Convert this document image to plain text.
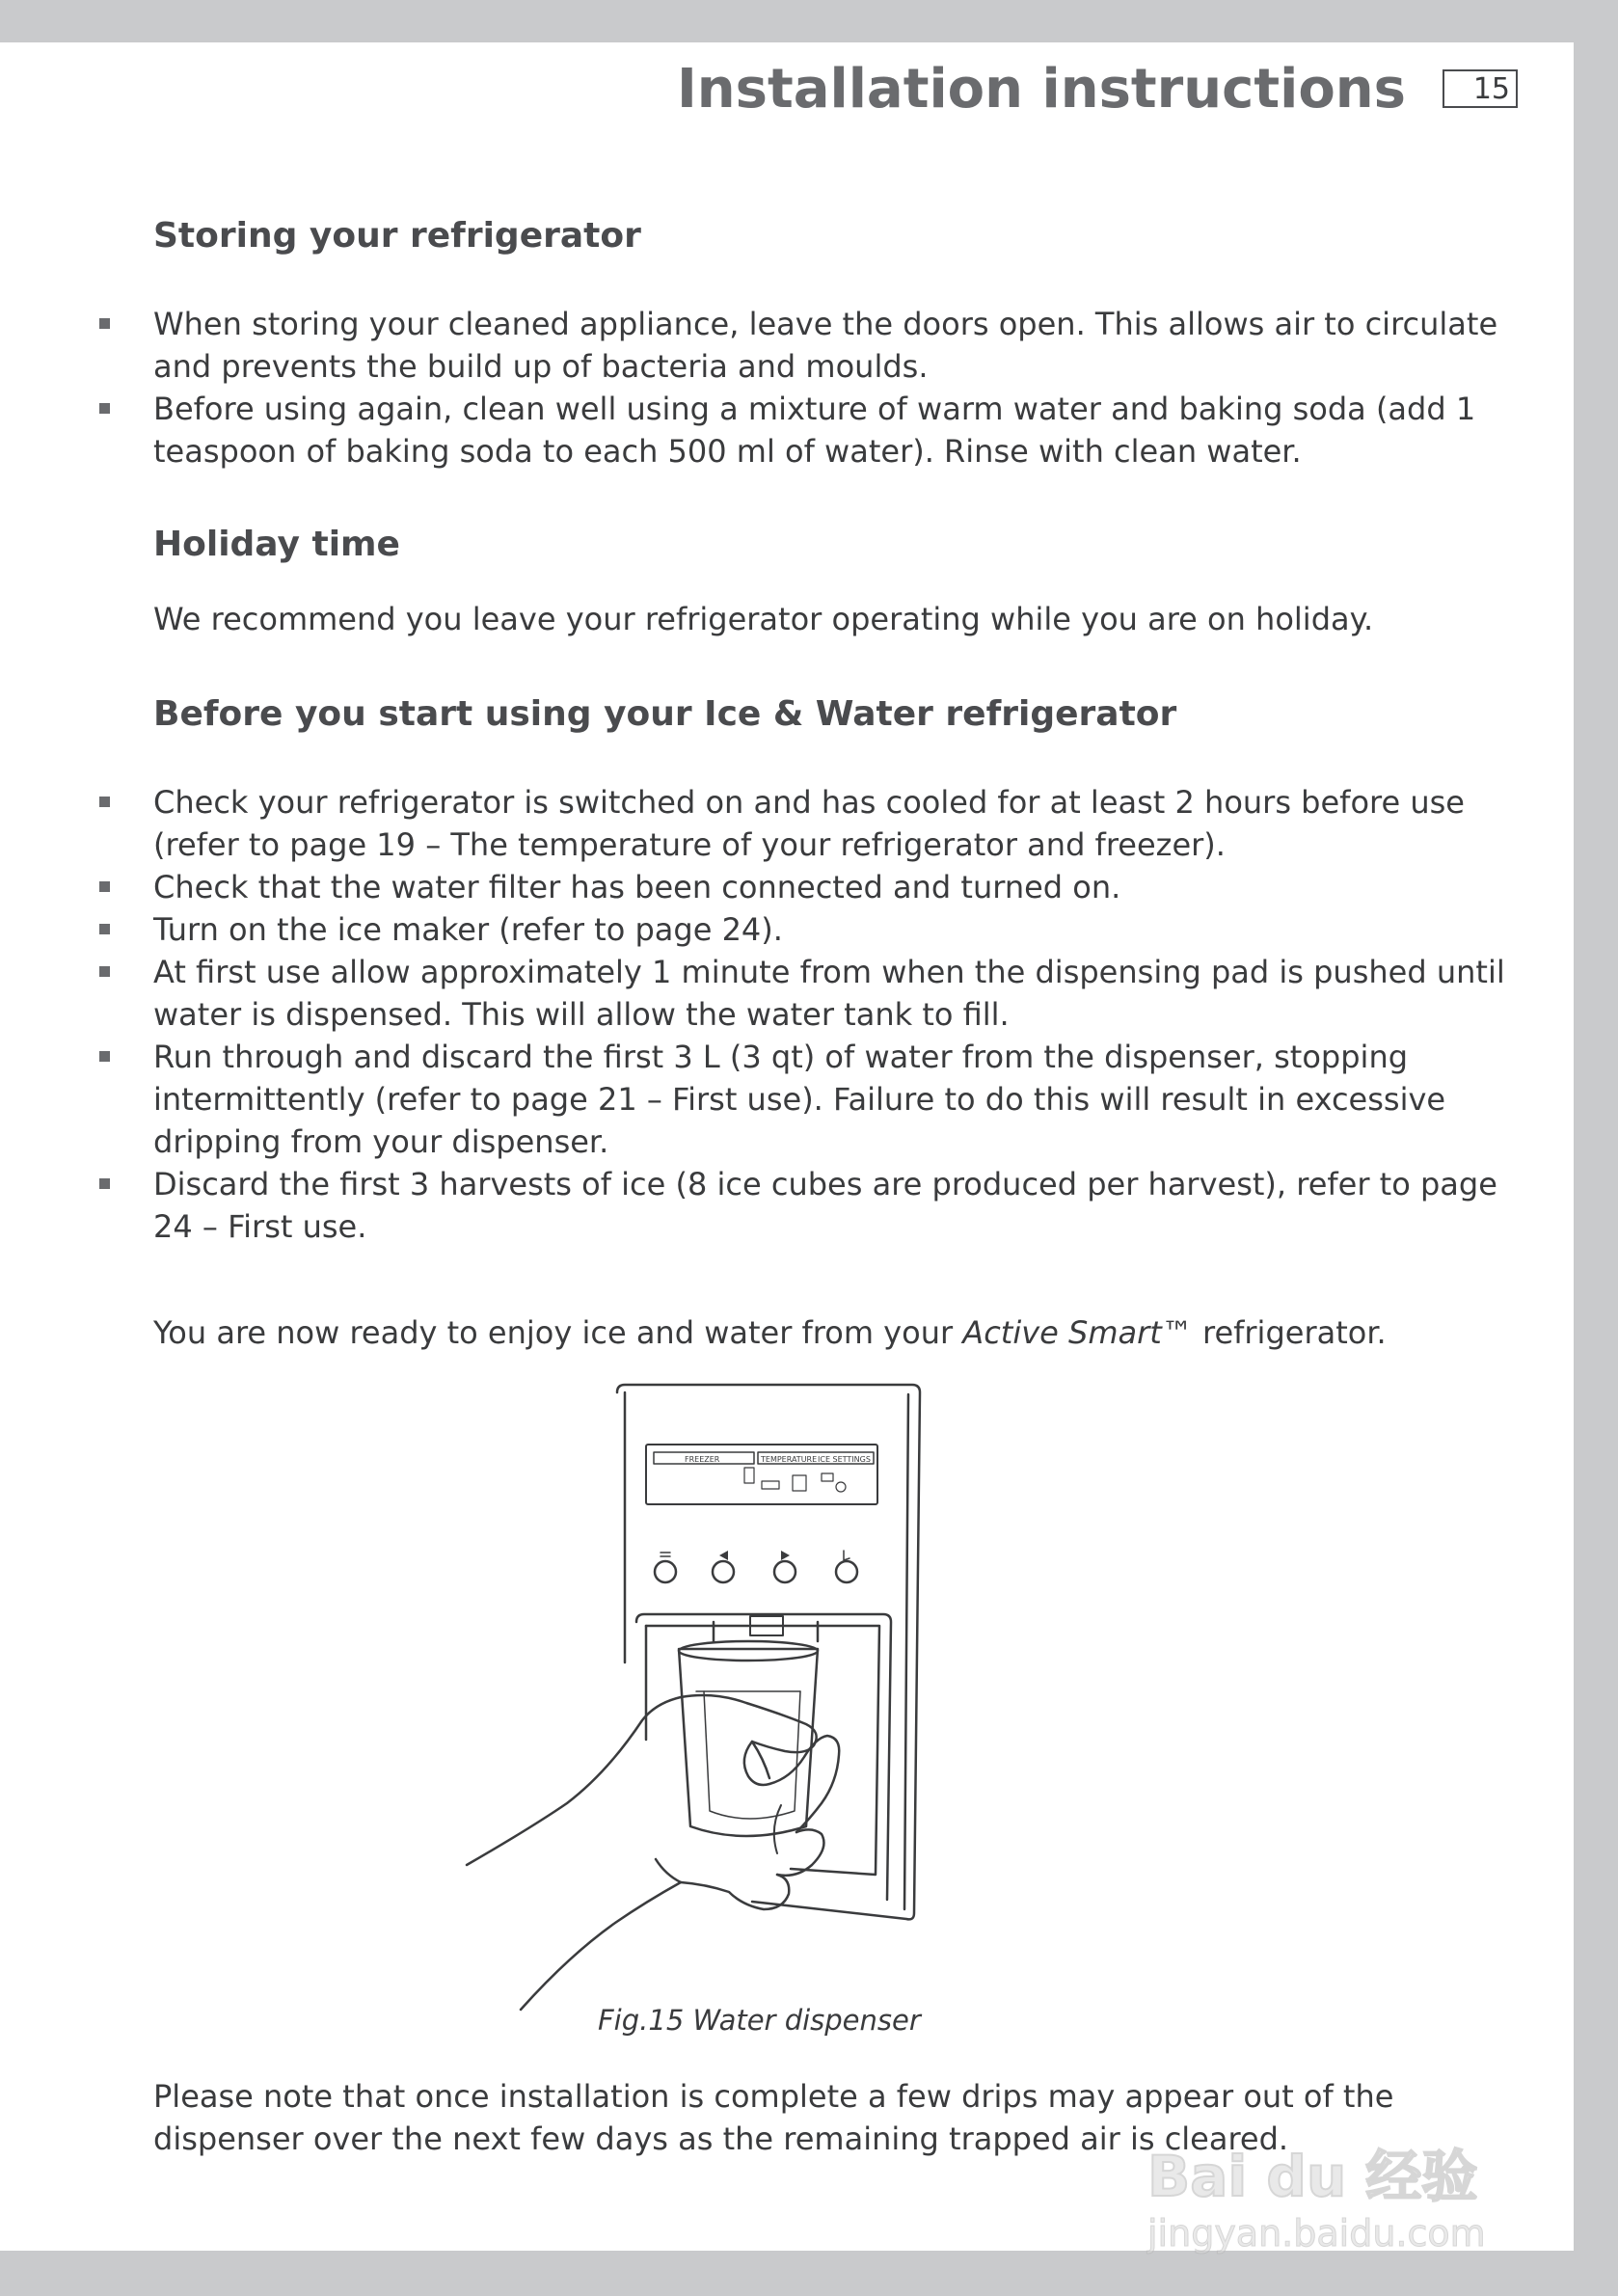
Installation instructions	15
Storing your refrigerator
When storing your cleaned appliance, leave the doors open. This allows air to circulate and prevents the build up of bacteria and moulds.
Before using again, clean well using a mixture of warm water and baking soda (add 1 teaspoon of baking soda to each 500 ml of water). Rinse with clean water.
Holiday time
We recommend you leave your refrigerator operating while you are on holiday.
Before you start using your Ice & Water refrigerator
Check your refrigerator is switched on and has cooled for at least 2 hours before use (refer to page 19 – The temperature of your refrigerator and freezer).
Check that the water filter has been connected and turned on.
Turn on the ice maker (refer to page 24).
At first use allow approximately 1 minute from when the dispensing pad is pushed until water is dispensed. This will allow the water tank to fill.
Run through and discard the first 3 L (3 qt) of water from the dispenser, stopping intermittently (refer to page 21 – First use). Failure to do this will result in excessive dripping from your dispenser.
Discard the first 3 harvests of ice (8 ice cubes are produced per harvest), refer to page 24 – First use.
You are now ready to enjoy ice and water from your Active Smart™ refrigerator.
FREEZER	TEMPERATURE ICE SETTINGS
Fig.15 Water dispenser
Please note that once installation is complete a few drips may appear out of the dispenser over the next few days as the remaining trapped air is cleared.
Bai du 经验
jingyan.baidu.com
